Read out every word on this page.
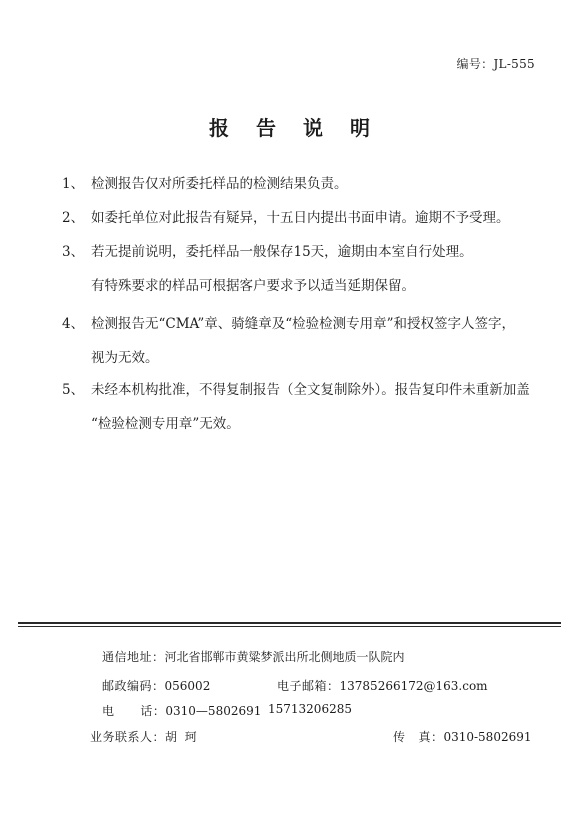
编号：JL-555
报告说明
1、 检测报告仅对所委托样品的检测结果负责。
2、 如委托单位对此报告有疑异，十五日内提出书面申请。逾期不予受理。
3、 若无提前说明，委托样品一般保存15天，逾期由本室自行处理。
有特殊要求的样品可根据客户要求予以适当延期保留。
4、 检测报告无“CMA”章、骑缝章及“检验检测专用章”和授权签字人签字，
视为无效。
5、 未经本机构批准，不得复制报告（全文复制除外）。报告复印件未重新加盖
“检验检测专用章”无效。
通信地址：河北省邯郸市黄粱梦派出所北侧地质一队院内
邮政编码：056002	电子邮箱：13785266172@163.com
电      话：0310—5802691 15713206285
业务联系人：胡  珂	传   真：0310-5802691
